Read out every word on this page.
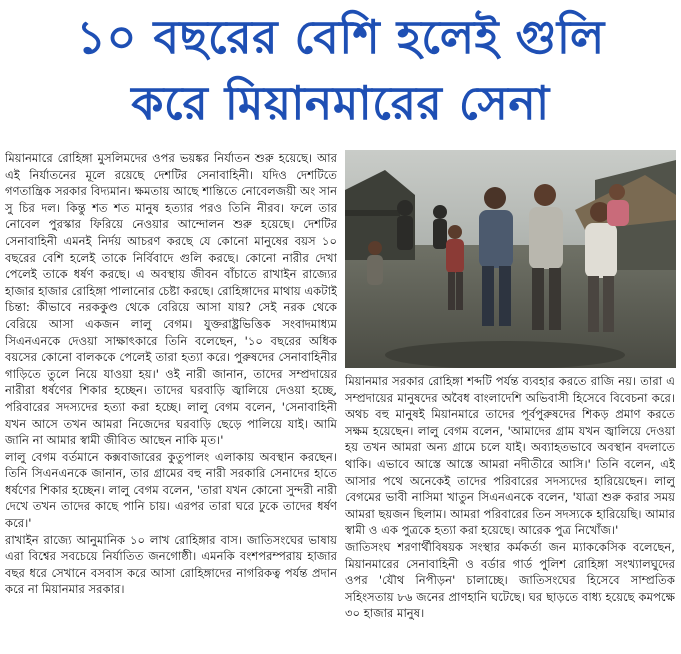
১০ বছরের বেশি হলেই গুলি
করে মিয়ানমারের সেনা

মিয়ানমারে রোহিঙ্গা মুসলিমদের ওপর ভয়ঙ্কর নির্যাতন শুরু হয়েছে। আর এই নির্যাতনের মূলে রয়েছে দেশটির সেনাবাহিনী। যদিও দেশটিতে গণতান্ত্রিক সরকার বিদ্যমান। ক্ষমতায় আছে শান্তিতে নোবেলজয়ী অং সান সু চির দল। কিন্তু শত শত মানুষ হত্যার পরও তিনি নীরব। ফলে তার নোবেল পুরস্কার ফিরিয়ে নেওয়ার আন্দোলন শুরু হয়েছে। দেশটির সেনাবাহিনী এমনই নির্দয় আচরণ করছে যে কোনো মানুষের বয়স ১০ বছরের বেশি হলেই তাকে নির্বিবাদে গুলি করছে। কোনো নারীর দেখা পেলেই তাকে ধর্ষণ করছে। এ অবস্থায় জীবন বাঁচাতে রাখাইন রাজ্যের হাজার হাজার রোহিঙ্গা পালানোর চেষ্টা করছে। রোহিঙ্গাদের মাথায় একটাই চিন্তা: কীভাবে নরককুণ্ড থেকে বেরিয়ে আসা যায়? সেই নরক থেকে বেরিয়ে আসা একজন লালু বেগম। যুক্তরাষ্ট্রভিত্তিক সংবাদমাধ্যম সিএনএনকে দেওয়া সাক্ষাৎকারে তিনি বলেছেন, '১০ বছরের অধিক বয়সের কোনো বালককে পেলেই তারা হত্যা করে। পুরুষদের সেনাবাহিনীর গাড়িতে তুলে নিয়ে যাওয়া হয়।' ওই নারী জানান, তাদের সম্প্রদায়ের নারীরা ধর্ষণের শিকার হচ্ছেন। তাদের ঘরবাড়ি জ্বালিয়ে দেওয়া হচ্ছে, পরিবারের সদস্যদের হত্যা করা হচ্ছে। লালু বেগম বলেন, 'সেনাবাহিনী যখন আসে তখন আমরা নিজেদের ঘরবাড়ি ছেড়ে পালিয়ে যাই। আমি জানি না আমার স্বামী জীবিত আছেন নাকি মৃত।'

লালু বেগম বর্তমানে কক্সবাজারের কুতুপালং এলাকায় অবস্থান করছেন। তিনি সিএনএনকে জানান, তার গ্রামের বহু নারী সরকারি সেনাদের হাতে ধর্ষণের শিকার হচ্ছেন। লালু বেগম বলেন, 'তারা যখন কোনো সুন্দরী নারী দেখে তখন তাদের কাছে পানি চায়। এরপর তারা ঘরে ঢুকে তাদের ধর্ষণ করে।'

রাখাইন রাজ্যে আনুমানিক ১০ লাখ রোহিঙ্গার বাস। জাতিসংঘের ভাষায় এরা বিশ্বের সবচেয়ে নির্যাতিত জনগোষ্ঠী। এমনকি বংশপরম্পরায় হাজার বছর ধরে সেখানে বসবাস করে আসা রোহিঙ্গাদের নাগরিকত্ব পর্যন্ত প্রদান করে না মিয়ানমার সরকার।

মিয়ানমার সরকার রোহিঙ্গা শব্দটি পর্যন্ত ব্যবহার করতে রাজি নয়। তারা এ সম্প্রদায়ের মানুষদের অবৈধ বাংলাদেশি অভিবাসী হিসেবে বিবেচনা করে। অথচ বহু মানুষই মিয়ানমারে তাদের পূর্বপুরুষদের শিকড় প্রমাণ করতে সক্ষম হয়েছেন। লালু বেগম বলেন, 'আমাদের গ্রাম যখন জ্বালিয়ে দেওয়া হয় তখন আমরা অন্য গ্রামে চলে যাই। অব্যাহতভাবে অবস্থান বদলাতে থাকি। এভাবে আস্তে আস্তে আমরা নদীতীরে আসি।' তিনি বলেন, এই আসার পথে অনেকেই তাদের পরিবারের সদস্যদের হারিয়েছেন। লালু বেগমের ভাবী নাসিমা খাতুন সিএনএনকে বলেন, 'যাত্রা শুরু করার সময় আমরা ছয়জন ছিলাম। আমরা পরিবারের তিন সদস্যকে হারিয়েছি। আমার স্বামী ও এক পুত্রকে হত্যা করা হয়েছে। আরেক পুত্র নিখোঁজ।'

জাতিসংঘ শরণার্থীবিষয়ক সংস্থার কর্মকর্তা জন ম্যাককেসিক বলেছেন, মিয়ানমারের সেনাবাহিনী ও বর্ডার গার্ড পুলিশ রোহিঙ্গা সংখ্যালঘুদের ওপর 'যৌথ নিপীড়ন' চালাচ্ছে। জাতিসংঘের হিসেবে সাম্প্রতিক সহিংসতায় ৮৬ জনের প্রাণহানি ঘটেছে। ঘর ছাড়তে বাধ্য হয়েছে কমপক্ষে ৩০ হাজার মানুষ।
